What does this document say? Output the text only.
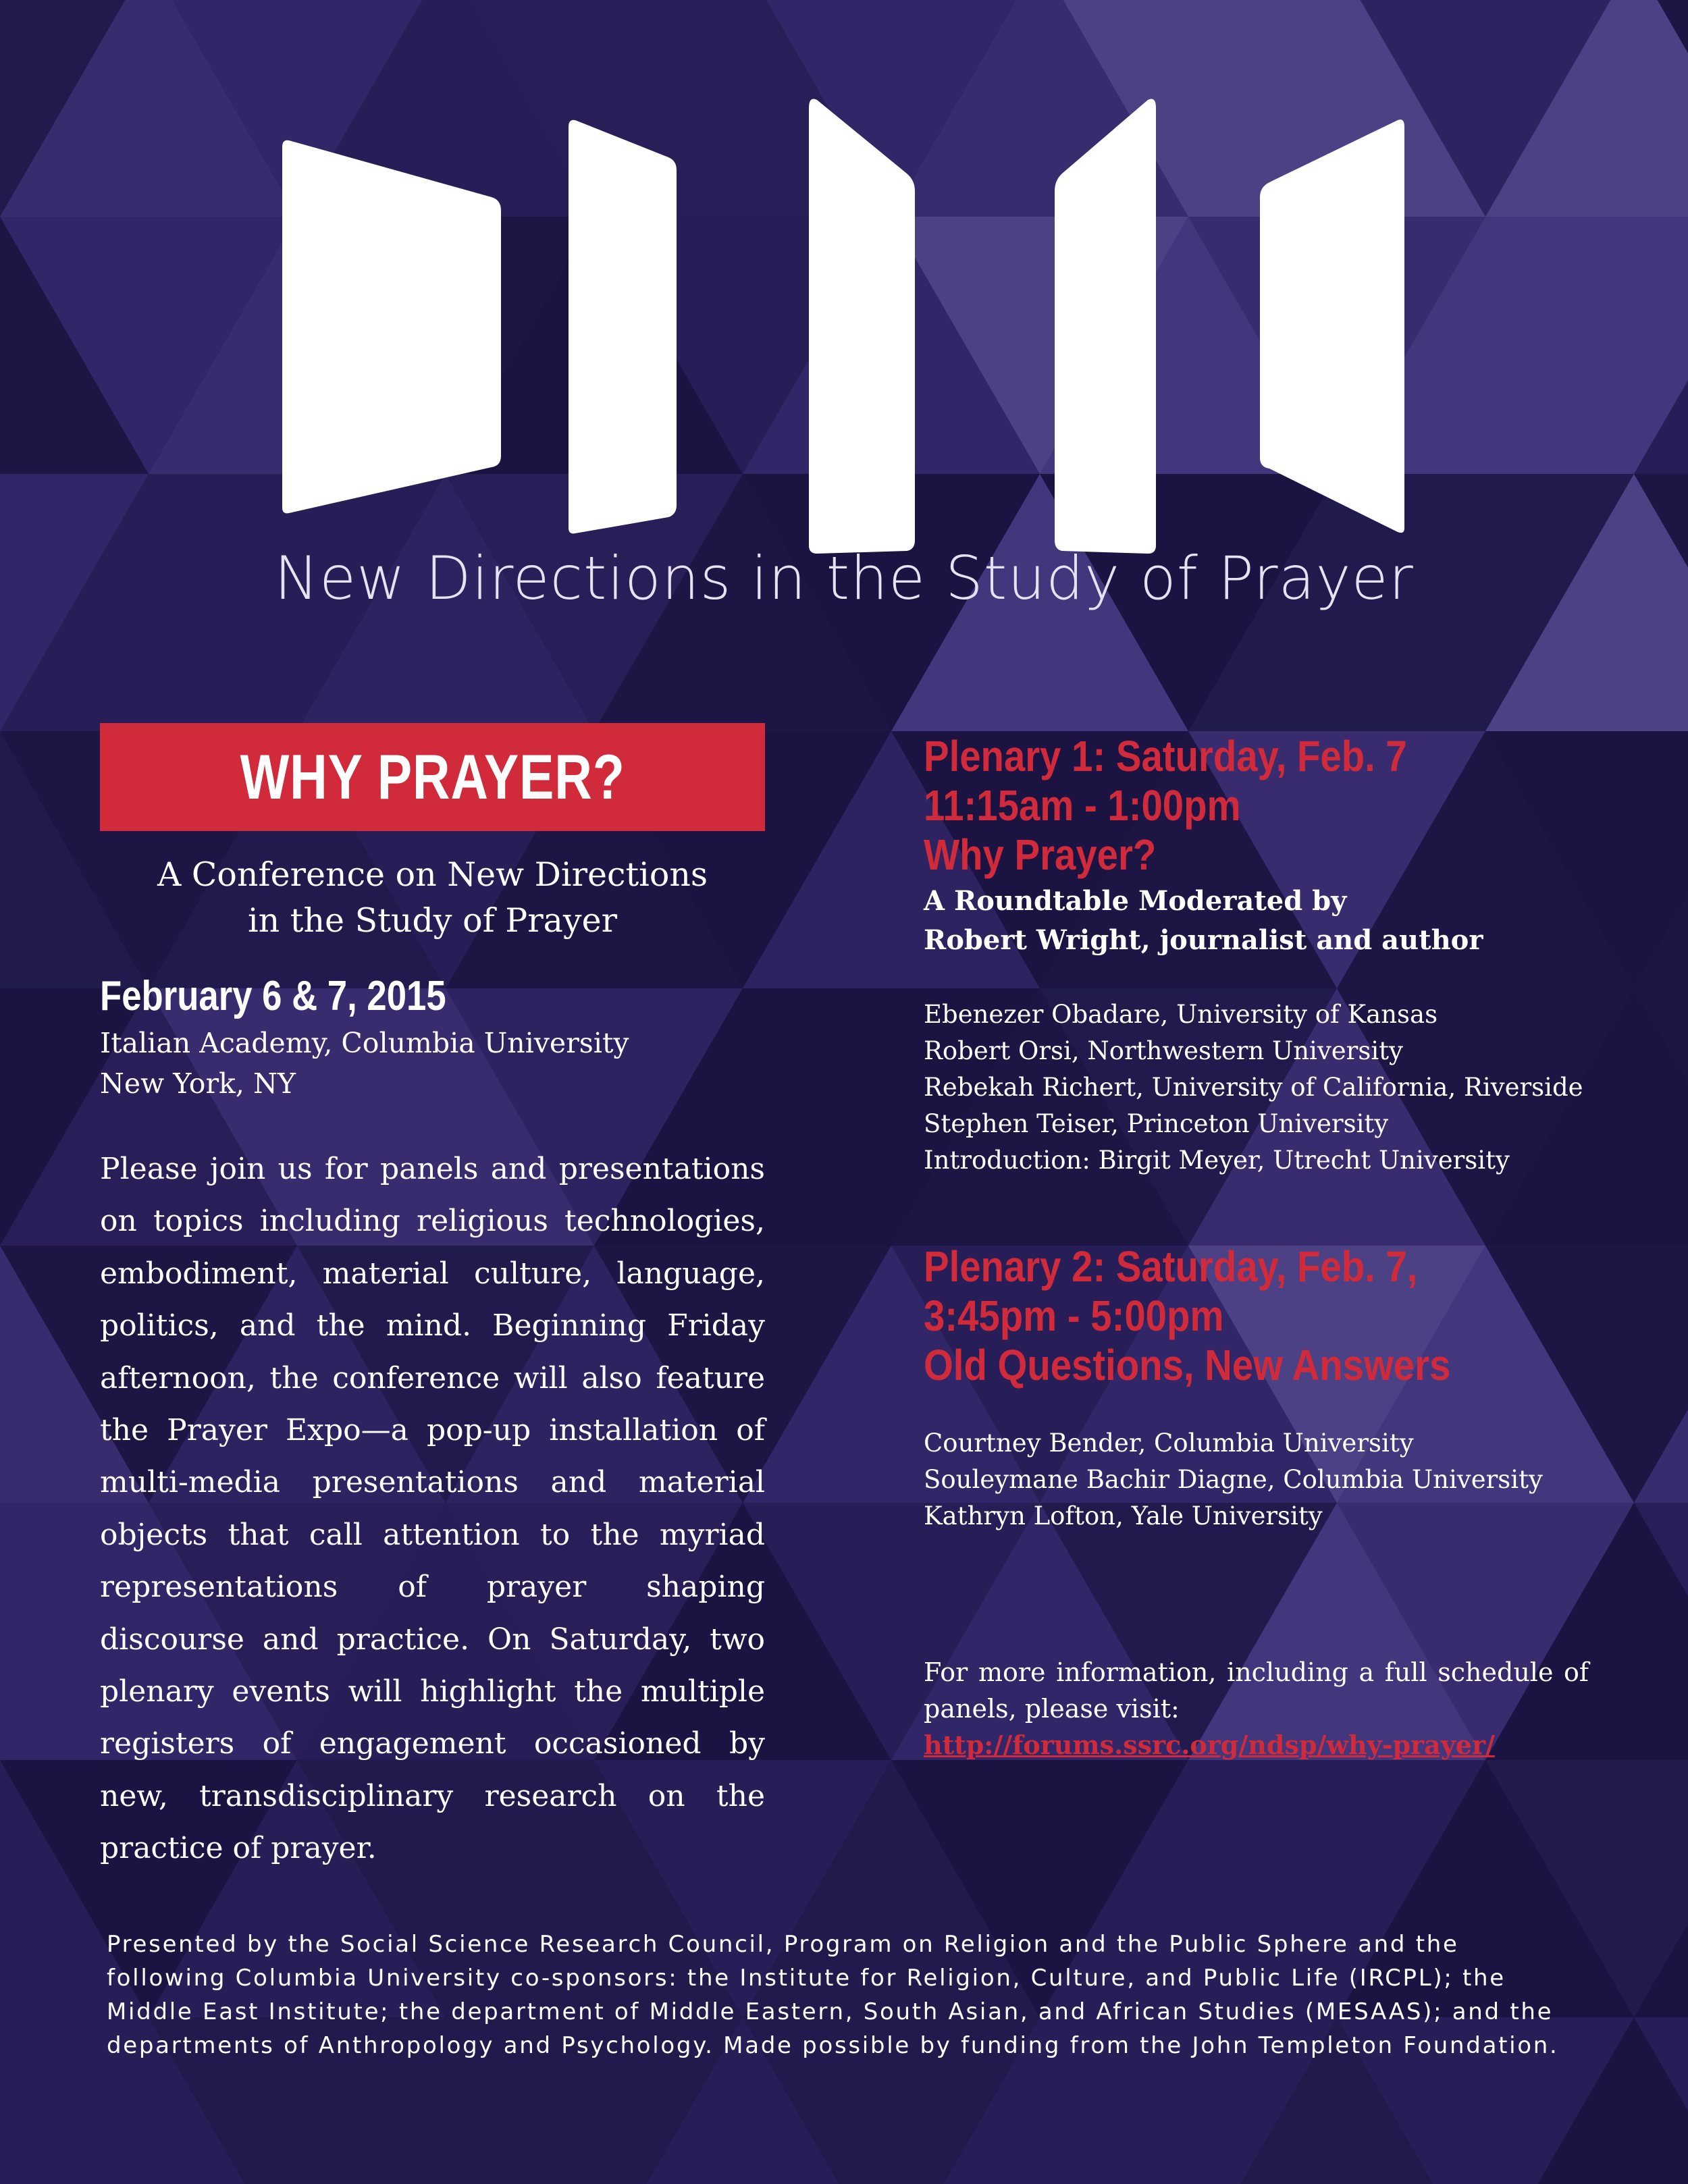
New Directions in the Study of Prayer
WHY PRAYER?
A Conference on New Directions
in the Study of Prayer
February 6 & 7, 2015
Italian Academy, Columbia University
New York, NY

Please join us for panels and presentations on topics including religious technologies, embodiment, material culture, language, politics, and the mind. Beginning Friday afternoon, the conference will also feature the Prayer Expo—a pop-up installation of multi-media presentations and material objects that call attention to the myriad representations of prayer shaping discourse and practice. On Saturday, two plenary events will highlight the multiple registers of engagement occasioned by new, transdisciplinary research on the practice of prayer.

Plenary 1: Saturday, Feb. 7
11:15am - 1:00pm
Why Prayer?
A Roundtable Moderated by
Robert Wright, journalist and author
Ebenezer Obadare, University of Kansas
Robert Orsi, Northwestern University
Rebekah Richert, University of California, Riverside
Stephen Teiser, Princeton University
Introduction: Birgit Meyer, Utrecht University
Plenary 2: Saturday, Feb. 7,
3:45pm - 5:00pm
Old Questions, New Answers
Courtney Bender, Columbia University
Souleymane Bachir Diagne, Columbia University
Kathryn Lofton, Yale University
For more information, including a full schedule of panels, please visit:
http://forums.ssrc.org/ndsp/why-prayer/

Presented by the Social Science Research Council, Program on Religion and the Public Sphere and the following Columbia University co-sponsors: the Institute for Religion, Culture, and Public Life (IRCPL); the Middle East Institute; the department of Middle Eastern, South Asian, and African Studies (MESAAS); and the departments of Anthropology and Psychology. Made possible by funding from the John Templeton Foundation.
